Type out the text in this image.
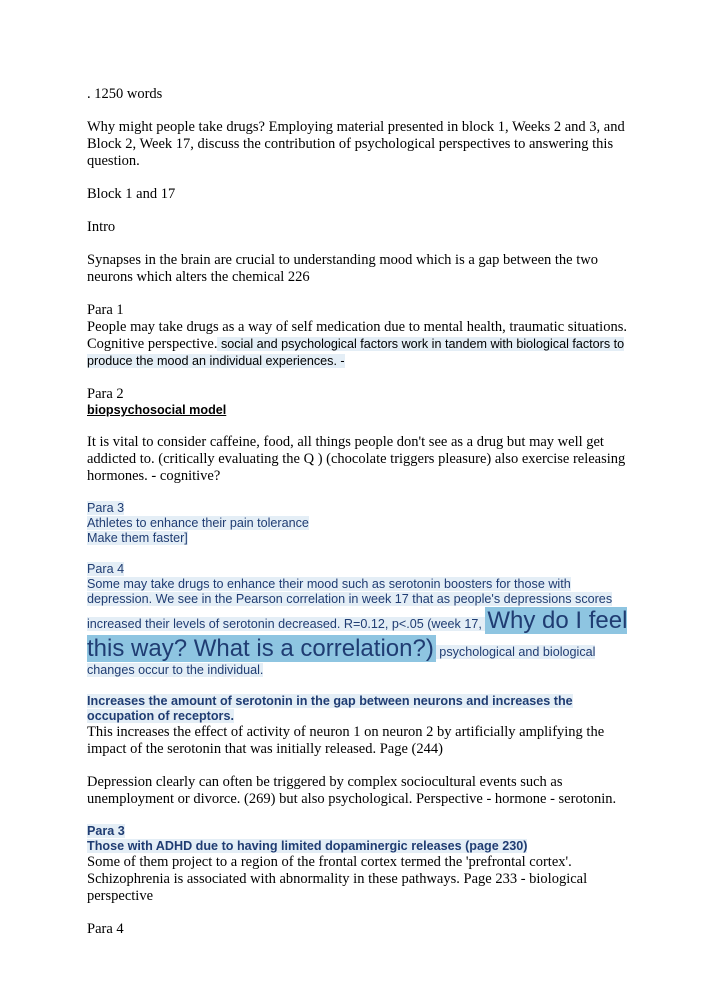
. 1250 words

Why might people take drugs? Employing material presented in block 1, Weeks 2 and 3, and Block 2, Week 17, discuss the contribution of psychological perspectives to answering this question.

Block 1 and 17

Intro

Synapses in the brain are crucial to understanding mood which is a gap between the two neurons which alters the chemical 226

Para 1

People may take drugs as a way of self medication due to mental health, traumatic situations. Cognitive perspective. social and psychological factors work in tandem with biological factors to produce the mood an individual experiences. -

Para 2

biopsychosocial model

It is vital to consider caffeine, food, all things people don't see as a drug but may well get addicted to. (critically evaluating the Q ) (chocolate triggers pleasure) also exercise releasing hormones. - cognitive?

Para 3

Athletes to enhance their pain tolerance

Make them faster]

Para 4

Some may take drugs to enhance their mood such as serotonin boosters for those with depression. We see in the Pearson correlation in week 17 that as people's depressions scores increased their levels of serotonin decreased. R=0.12, p<.05 (week 17, Why do I feel this way? What is a correlation?) psychological and biological changes occur to the individual.

Increases the amount of serotonin in the gap between neurons and increases the occupation of receptors.

This increases the effect of activity of neuron 1 on neuron 2 by artificially amplifying the impact of the serotonin that was initially released. Page (244)

Depression clearly can often be triggered by complex sociocultural events such as unemployment or divorce. (269) but also psychological. Perspective - hormone - serotonin.

Para 3

Those with ADHD due to having limited dopaminergic releases (page 230)

Some of them project to a region of the frontal cortex termed the 'prefrontal cortex'. Schizophrenia is associated with abnormality in these pathways. Page 233 - biological perspective

Para 4
